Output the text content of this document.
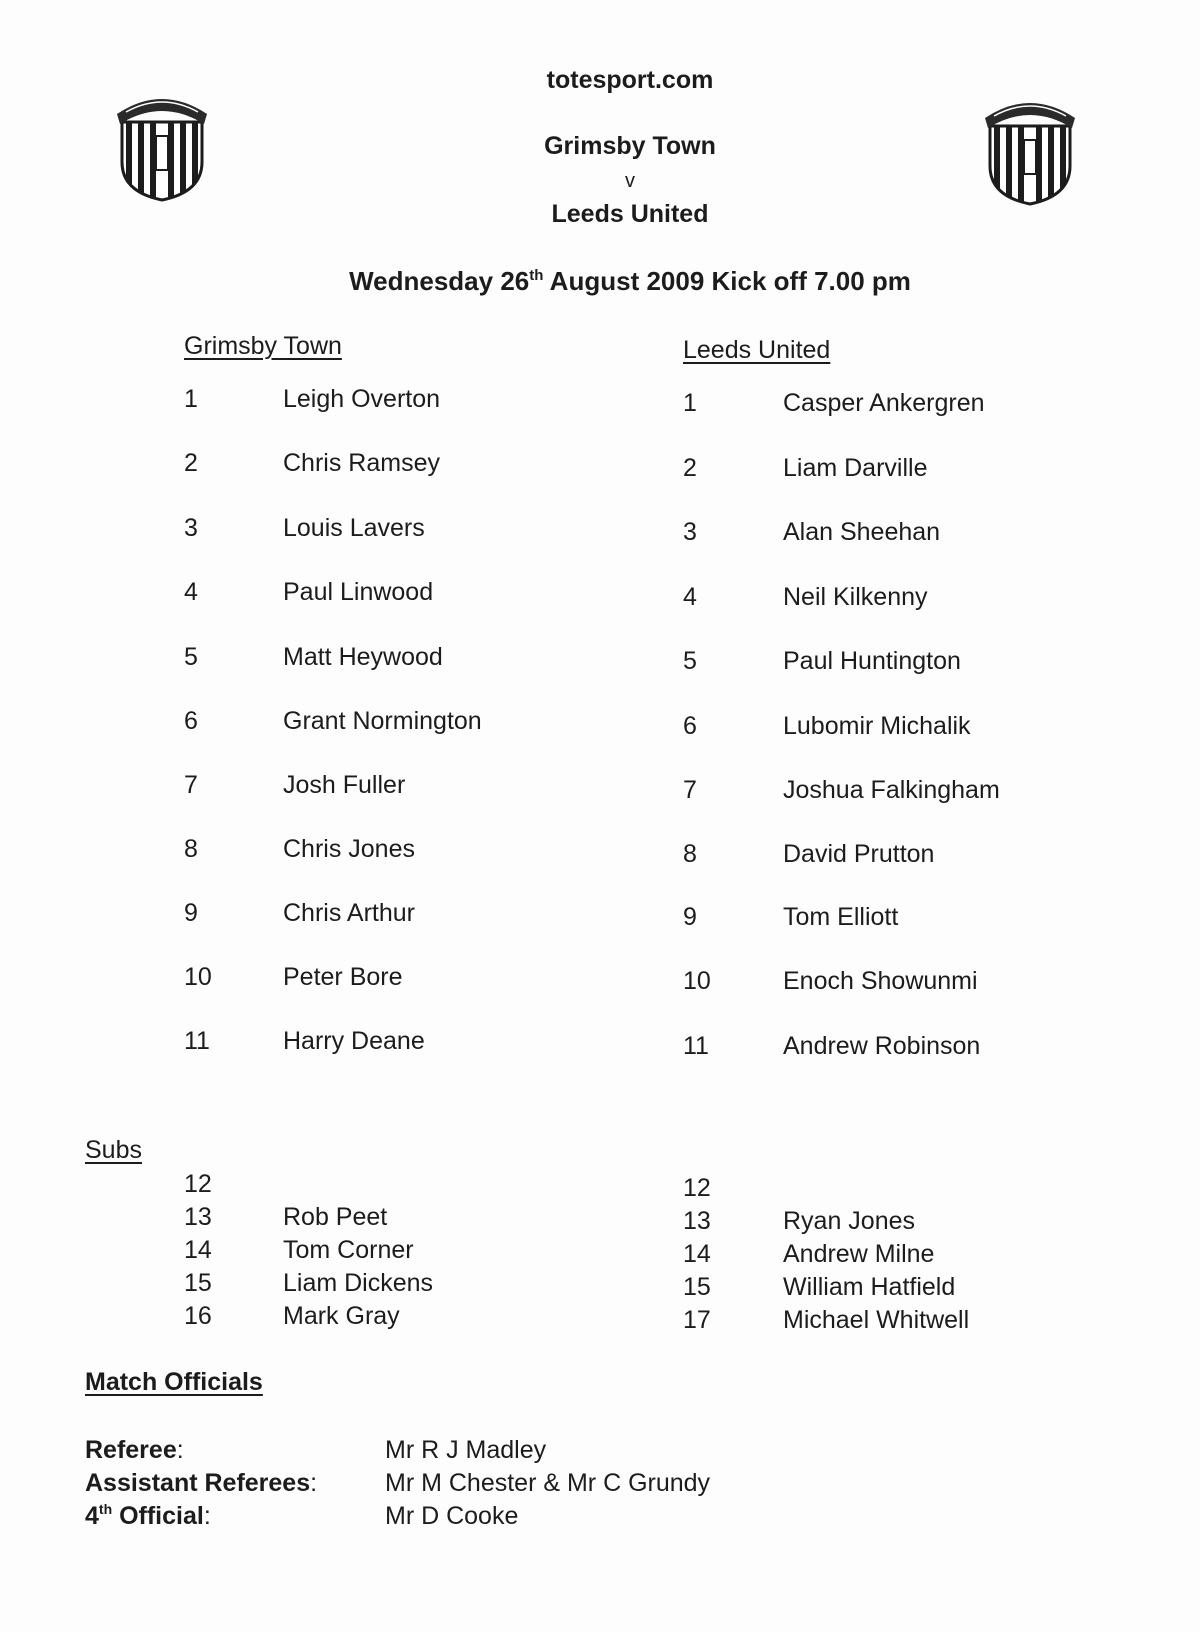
totesport.com
Grimsby Town
v
Leeds United
Wednesday 26th August 2009 Kick off 7.00 pm
Grimsby Town	Leeds United
1	Leigh Overton
2	Chris Ramsey
3	Louis Lavers
4	Paul Linwood
5	Matt Heywood
6	Grant Normington
7	Josh Fuller
8	Chris Jones
9	Chris Arthur
10	Peter Bore
11	Harry Deane
1	Casper Ankergren
2	Liam Darville
3	Alan Sheehan
4	Neil Kilkenny
5	Paul Huntington
6	Lubomir Michalik
7	Joshua Falkingham
8	David Prutton
9	Tom Elliott
10	Enoch Showunmi
11	Andrew Robinson
Subs
12
13	Rob Peet
14	Tom Corner
15	Liam Dickens
16	Mark Gray
12
13	Ryan Jones
14	Andrew Milne
15	William Hatfield
17	Michael Whitwell
Match Officials
Referee:	Mr R J Madley
Assistant Referees:	Mr M Chester & Mr C Grundy
4th Official:	Mr D Cooke
